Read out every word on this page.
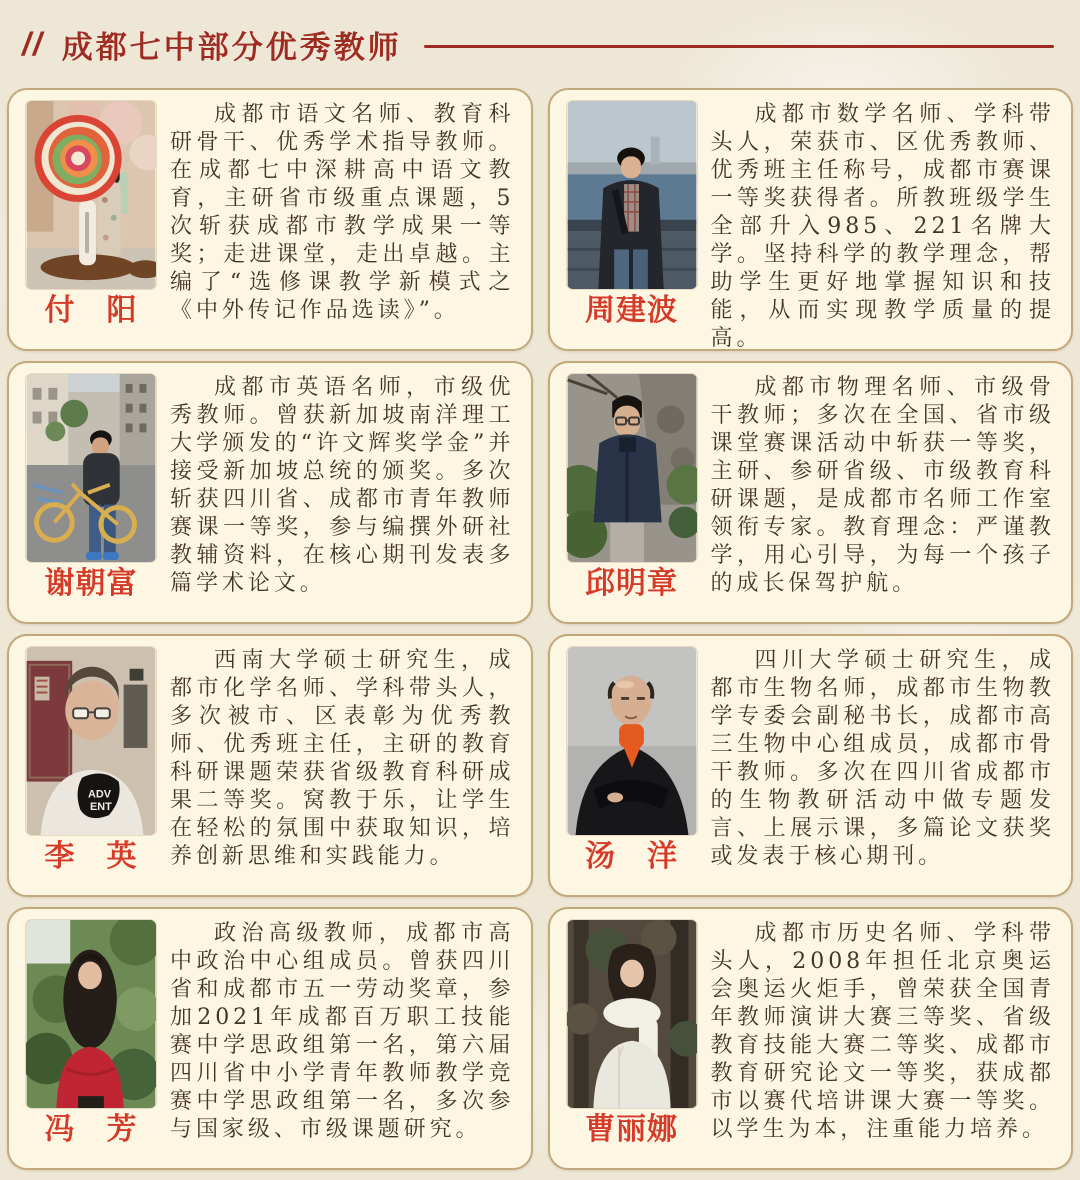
// 成都七中部分优秀教师
付　阳

成都市语文名师、教育科研骨干、优秀学术指导教师。在成都七中深耕高中语文教育，主研省市级重点课题，5次斩获成都市教学成果一等奖；走进课堂，走出卓越。主编了“选修课教学新模式之《中外传记作品选读》”。	周建波

成都市数学名师、学科带头人，荣获市、区优秀教师、优秀班主任称号，成都市赛课一等奖获得者。所教班级学生全部升入985、221名牌大学。坚持科学的教学理念，帮助学生更好地掌握知识和技能，从而实现教学质量的提高。

谢朝富

成都市英语名师，市级优秀教师。曾获新加坡南洋理工大学颁发的“许文辉奖学金”并接受新加坡总统的颁奖。多次斩获四川省、成都市青年教师赛课一等奖，参与编撰外研社教辅资料，在核心期刊发表多篇学术论文。	邱明章

成都市物理名师、市级骨干教师；多次在全国、省市级课堂赛课活动中斩获一等奖，主研、参研省级、市级教育科研课题，是成都市名师工作室领衔专家。教育理念：严谨教学，用心引导，为每一个孩子的成长保驾护航。

ADV
ENT
李　英

西南大学硕士研究生，成都市化学名师、学科带头人，多次被市、区表彰为优秀教师、优秀班主任，主研的教育科研课题荣获省级教育科研成果二等奖。窝教于乐，让学生在轻松的氛围中获取知识，培养创新思维和实践能力。	汤　洋

四川大学硕士研究生，成都市生物名师，成都市生物教学专委会副秘书长，成都市高三生物中心组成员，成都市骨干教师。多次在四川省成都市的生物教研活动中做专题发言、上展示课，多篇论文获奖或发表于核心期刊。

冯　芳

政治高级教师，成都市高中政治中心组成员。曾获四川省和成都市五一劳动奖章，参加2021年成都百万职工技能赛中学思政组第一名，第六届四川省中小学青年教师教学竞赛中学思政组第一名，多次参与国家级、市级课题研究。	曹丽娜

成都市历史名师、学科带头人，2008年担任北京奥运会奥运火炬手，曾荣获全国青年教师演讲大赛三等奖、省级教育技能大赛二等奖、成都市教育研究论文一等奖，获成都市以赛代培讲课大赛一等奖。以学生为本，注重能力培养。
